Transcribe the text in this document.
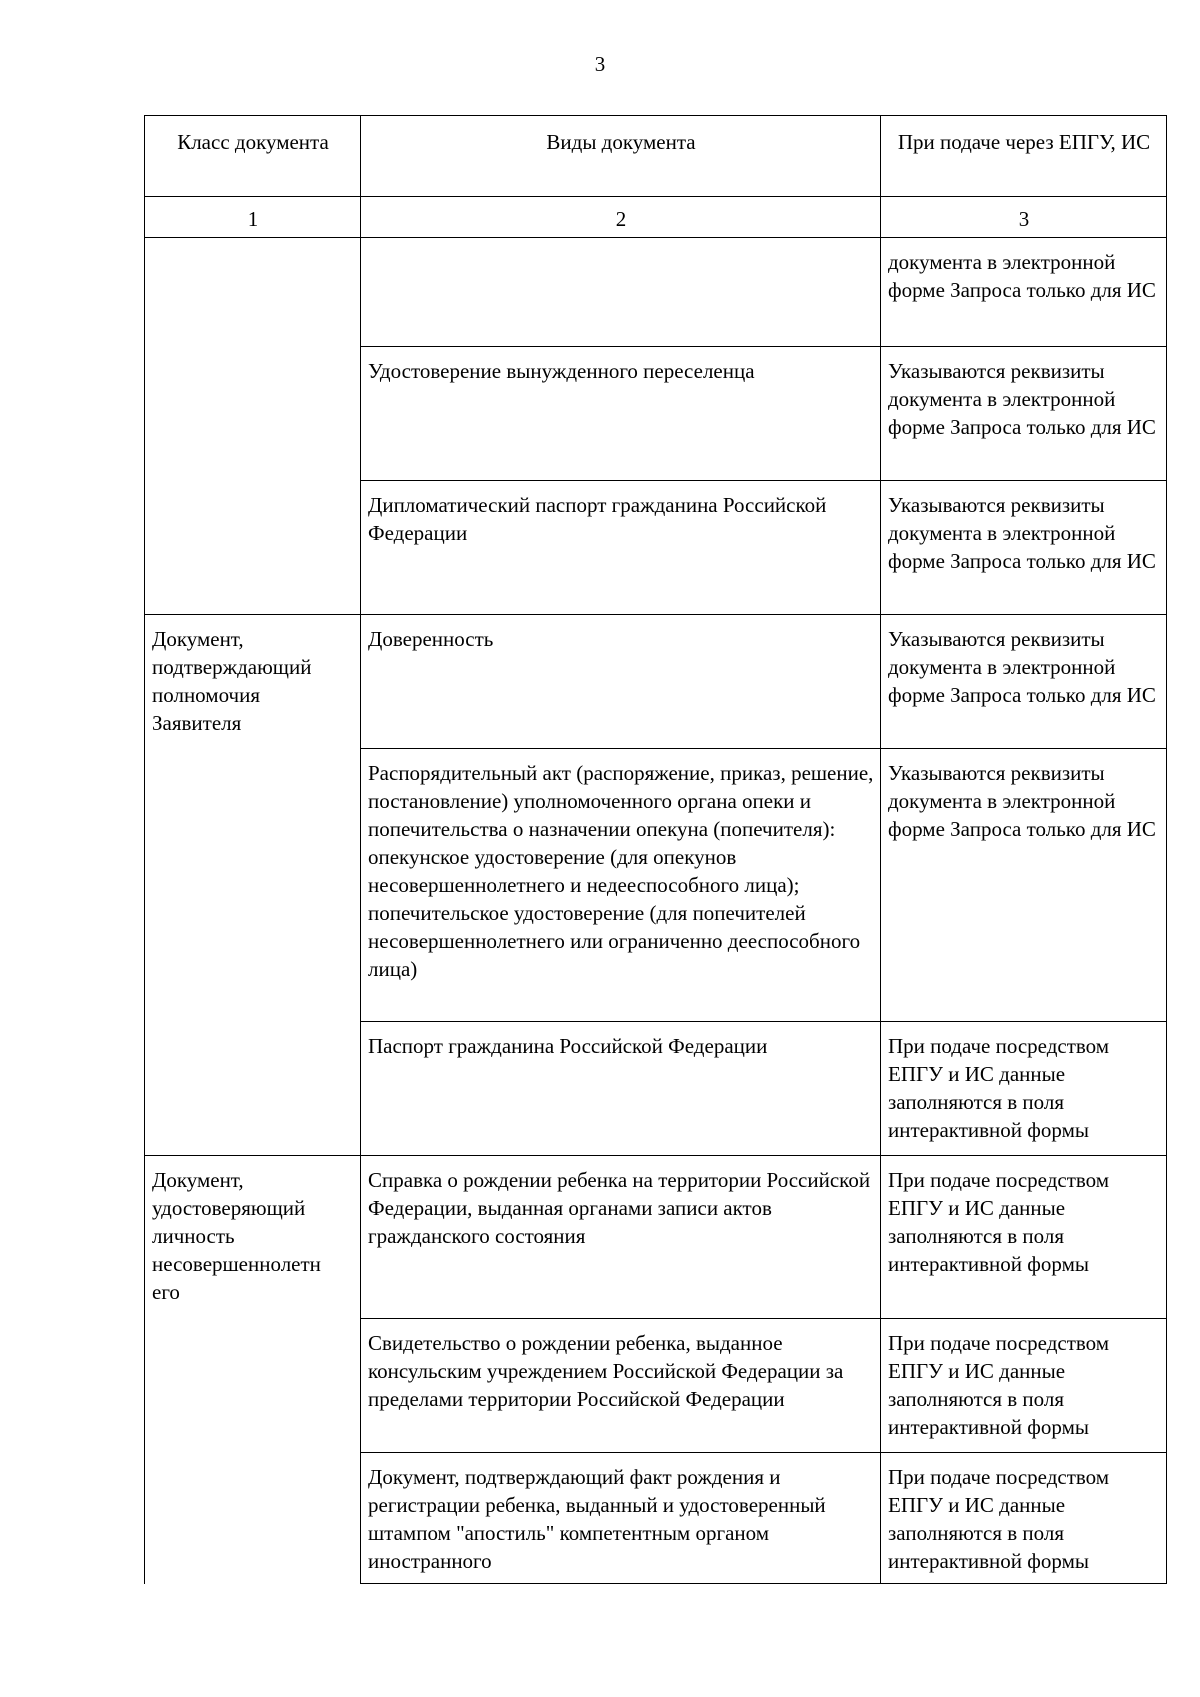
3
Класс документа	Виды документа	При подаче через ЕПГУ, ИС
1	2	3
		документа в электронной форме Запроса только для ИС
	Удостоверение вынужденного переселенца	Указываются реквизиты документа в электронной форме Запроса только для ИС
	Дипломатический паспорт гражданина Российской Федерации	Указываются реквизиты документа в электронной форме Запроса только для ИС
Документ, подтверждающий полномочия Заявителя	Доверенность	Указываются реквизиты документа в электронной форме Запроса только для ИС
	Распорядительный акт (распоряжение, приказ, решение, постановление) уполномоченного органа опеки и попечительства о назначении опекуна (попечителя):
опекунское удостоверение (для опекунов несовершеннолетнего и недееспособного лица);
попечительское удостоверение (для попечителей несовершеннолетнего или ограниченно дееспособного лица)	Указываются реквизиты документа в электронной форме Запроса только для ИС
	Паспорт гражданина Российской Федерации	При подаче посредством ЕПГУ и ИС данные заполняются в поля интерактивной формы
Документ, удостоверяющий личность несовершеннолетн его	Справка о рождении ребенка на территории Российской Федерации, выданная органами записи актов гражданского состояния	При подаче посредством ЕПГУ и ИС данные заполняются в поля интерактивной формы
	Свидетельство о рождении ребенка, выданное консульским учреждением Российской Федерации за пределами территории Российской Федерации	При подаче посредством ЕПГУ и ИС данные заполняются в поля интерактивной формы
	Документ, подтверждающий факт рождения и регистрации ребенка, выданный и удостоверенный штампом "апостиль" компетентным органом иностранного	При подаче посредством ЕПГУ и ИС данные заполняются в поля интерактивной формы
